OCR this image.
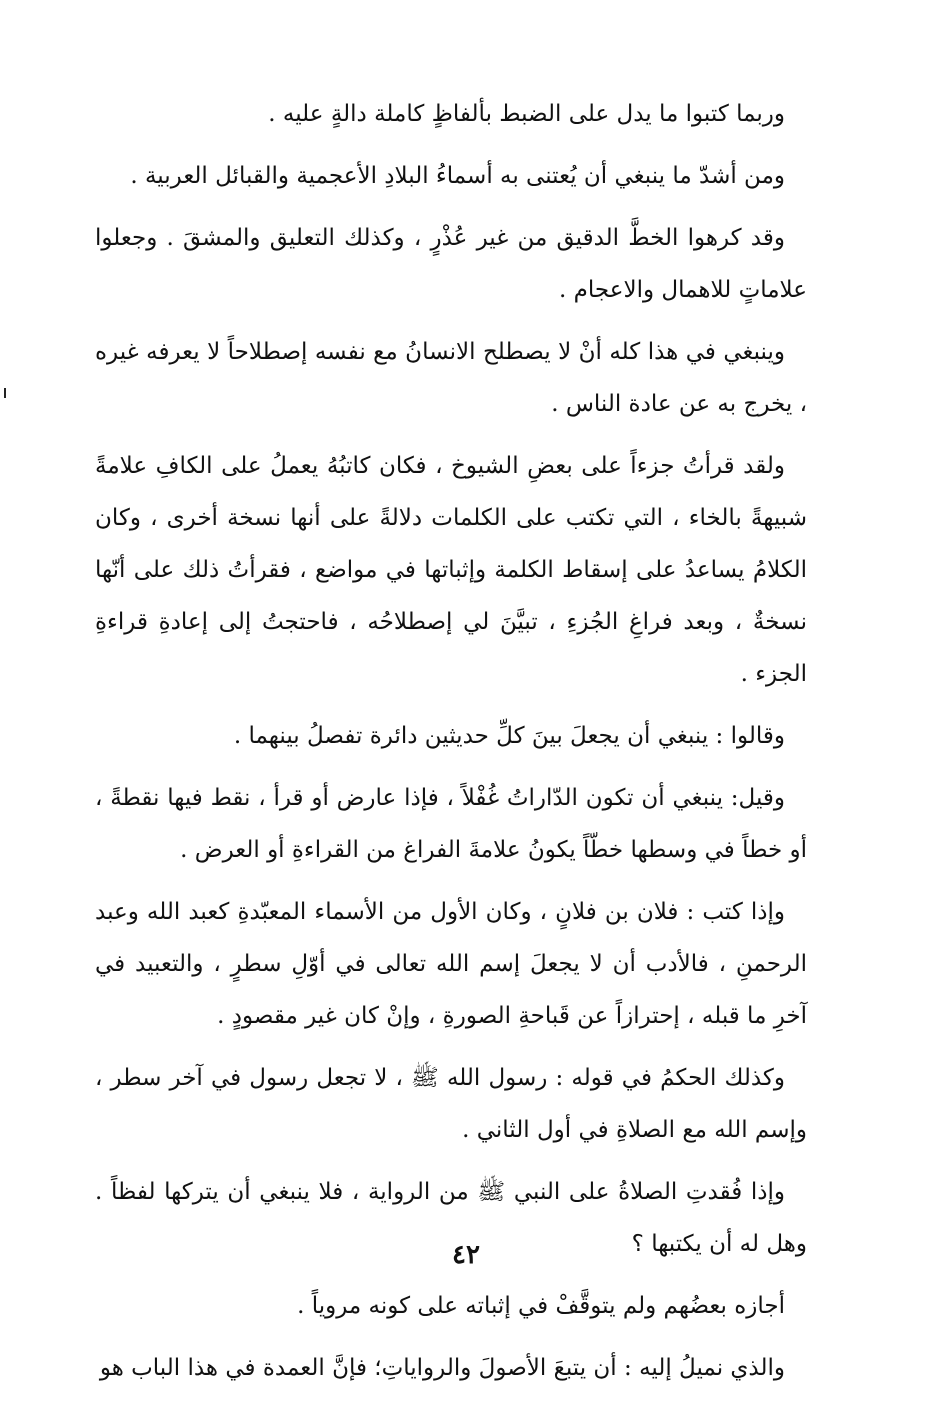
وربما كتبوا ما يدل على الضبط بألفاظٍ كاملة دالةٍ عليه .

ومن أشدّ ما ينبغي أن يُعتنى به أسماءُ البلادِ الأعجمية والقبائل العربية .

وقد كرهوا الخطَّ الدقيق من غير عُذْرٍ ، وكذلك التعليق والمشقَ . وجعلوا علاماتٍ للاهمال والاعجام .

وينبغي في هذا كله أنْ لا يصطلح الانسانُ مع نفسه إصطلاحاً لا يعرفه غيره ، يخرج به عن عادة الناس .

ولقد قرأتُ جزءاً على بعضِ الشيوخ ، فكان كاتبُهُ يعملُ على الكافِ علامةً شبيهةً بالخاء ، التي تكتب على الكلمات دلالةً على أنها نسخة أخرى ، وكان الكلامُ يساعدُ على إسقاط الكلمة وإثباتها في مواضع ، فقرأتُ ذلك على أنّها نسخةٌ ، وبعد فراغِ الجُزءِ ، تبيَّنَ لي إصطلاحُه ، فاحتجتُ إلى إعادةِ قراءةِ الجزء .

وقالوا : ينبغي أن يجعلَ بينَ كلِّ حديثين دائرة تفصلُ بينهما .

وقيل: ينبغي أن تكون الدّاراتُ غُفْلاً ، فإذا عارض أو قرأ ، نقط فيها نقطةً ، أو خطاً في وسطها خطّاً يكونُ علامةَ الفراغ من القراءةِ أو العرض .

وإذا كتب : فلان بن فلانٍ ، وكان الأول من الأسماء المعبّدةِ كعبد الله وعبد الرحمنِ ، فالأدب أن لا يجعلَ إسم الله تعالى في أوّلِ سطرٍ ، والتعبيد في آخرِ ما قبله ، إحترازاً عن قَباحةِ الصورةِ ، وإنْ كان غير مقصودٍ .

وكذلك الحكمُ في قوله : رسول الله ﷺ ، لا تجعل رسول في آخر سطر ، وإسم الله مع الصلاةِ في أول الثاني .

وإذا فُقدتِ الصلاةُ على النبي ﷺ من الرواية ، فلا ينبغي أن يتركها لفظاً . وهل له أن يكتبها ؟

أجازه بعضُهم ولم يتوقَّفْ في إثباته على كونه مروياً .

والذي نميلُ إليه : أن يتبعَ الأصولَ والرواياتِ؛ فإنَّ العمدة في هذا الباب هو

٤٢
